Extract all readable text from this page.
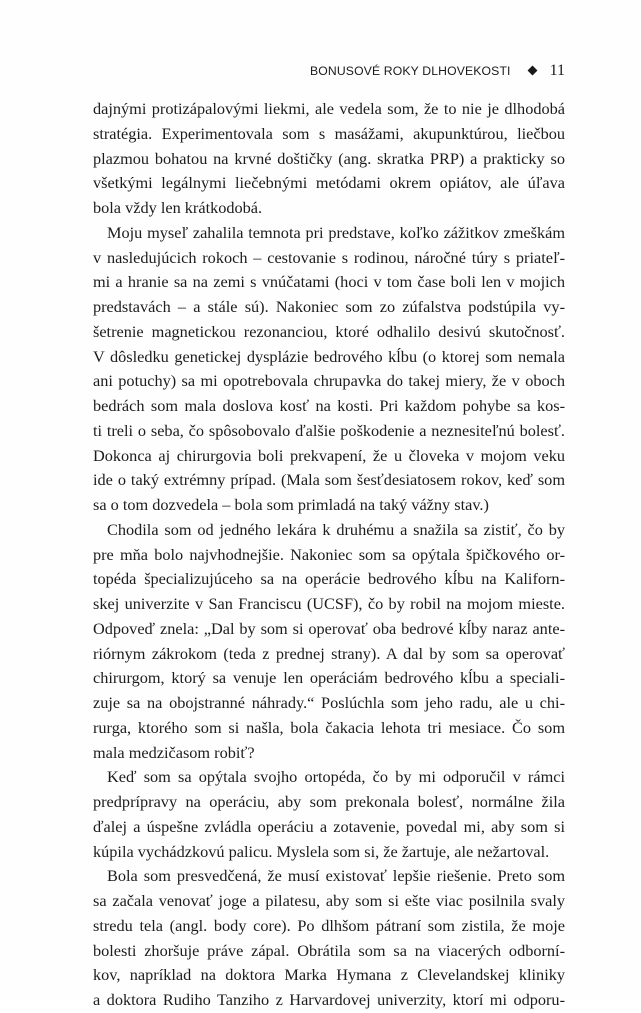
BONUSOVÉ ROKY DLHOVEKOSTI 11
dajnými protizápalovými liekmi, ale vedela som, že to nie je dlhodobá
stratégia. Experimentovala som s masážami, akupunktúrou, liečbou
plazmou bohatou na krvné doštičky (ang. skratka PRP) a prakticky so
všetkými legálnymi liečebnými metódami okrem opiátov, ale úľava
bola vždy len krátkodobá.
Moju myseľ zahalila temnota pri predstave, koľko zážitkov zmeškám
v nasledujúcich rokoch – cestovanie s rodinou, náročné túry s priateľ-
mi a hranie sa na zemi s vnúčatami (hoci v tom čase boli len v mojich
predstavách – a stále sú). Nakoniec som zo zúfalstva podstúpila vy-
šetrenie magnetickou rezonanciou, ktoré odhalilo desivú skutočnosť.
V dôsledku genetickej dysplázie bedrového kĺbu (o ktorej som nemala
ani potuchy) sa mi opotrebovala chrupavka do takej miery, že v oboch
bedrách som mala doslova kosť na kosti. Pri každom pohybe sa kos-
ti treli o seba, čo spôsobovalo ďalšie poškodenie a neznesiteľnú bolesť.
Dokonca aj chirurgovia boli prekvapení, že u človeka v mojom veku
ide o taký extrémny prípad. (Mala som šesťdesiatosem rokov, keď som
sa o tom dozvedela – bola som primladá na taký vážny stav.)
Chodila som od jedného lekára k druhému a snažila sa zistiť, čo by
pre mňa bolo najvhodnejšie. Nakoniec som sa opýtala špičkového or-
topéda špecializujúceho sa na operácie bedrového kĺbu na Kaliforn-
skej univerzite v San Franciscu (UCSF), čo by robil na mojom mieste.
Odpoveď znela: „Dal by som si operovať oba bedrové kĺby naraz ante-
riórnym zákrokom (teda z prednej strany). A dal by som sa operovať
chirurgom, ktorý sa venuje len operáciám bedrového kĺbu a speciali-
zuje sa na obojstranné náhrady.“ Poslúchla som jeho radu, ale u chi-
rurga, ktorého som si našla, bola čakacia lehota tri mesiace. Čo som
mala medzičasom robiť?
Keď som sa opýtala svojho ortopéda, čo by mi odporučil v rámci
predprípravy na operáciu, aby som prekonala bolesť, normálne žila
ďalej a úspešne zvládla operáciu a zotavenie, povedal mi, aby som si
kúpila vychádzkovú palicu. Myslela som si, že žartuje, ale nežartoval.
Bola som presvedčená, že musí existovať lepšie riešenie. Preto som
sa začala venovať joge a pilatesu, aby som si ešte viac posilnila svaly
stredu tela (angl. body core). Po dlhšom pátraní som zistila, že moje
bolesti zhoršuje práve zápal. Obrátila som sa na viacerých odborní-
kov, napríklad na doktora Marka Hymana z Clevelandskej kliniky
a doktora Rudiho Tanziho z Harvardovej univerzity, ktorí mi odporu-
